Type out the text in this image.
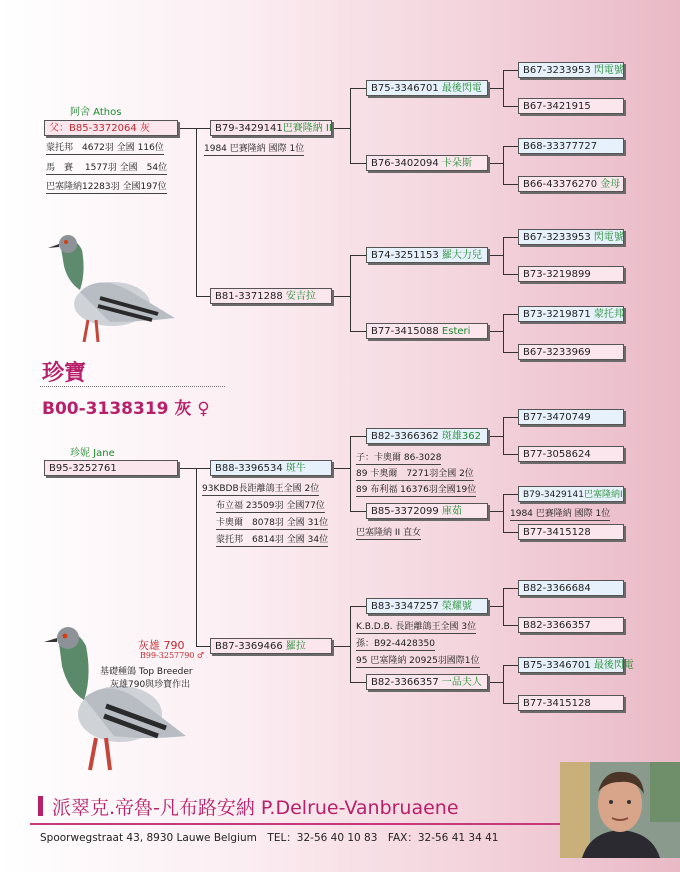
阿舍 Athos
父：B85-3372064 灰
蒙托邦　4672羽 全國 116位
馬　賽　 1577羽 全國　54位
巴塞隆納12283羽 全國197位
珍寶
B00-3138319 灰 ♀
珍妮 Jane
B95-3252761
灰雄 790
B99-3257790 ♂
基礎種鴿 Top Breeder
灰雄790與珍寶作出
B79-3429141巴賽隆納 II
1984 巴賽隆納 國際 1位
B81-3371288 安吉拉
B88-3396534 斑牛
93KBDB長距離鴿王全國 2位
布立福 23509羽 全國77位
卡奧爾　8078羽 全國 31位
蒙托邦　6814羽 全國 34位
B87-3369466 羅拉
B75-3346701 最後閃電
B76-3402094 卡朵斯
B74-3251153 羅大力兒
B77-3415088 Esteri
B82-3366362 斑雄362
子：卡奧爾 86-3028
89 卡奧爾　7271羽全國 2位
89 布利福 16376羽全國19位
B85-3372099 庫茹
巴塞隆納 II 直女
B83-3347257 榮耀號
K.B.D.B. 長距離鴿王全國 3位
孫：B92-4428350
95 巴塞隆納 20925羽國際1位
B82-3366357 一品夫人
B67-3233953 閃電號
B67-3421915
B68-33377727
B66-43376270 金母
B67-3233953 閃電號
B73-3219899
B73-3219871 蒙托邦
B67-3233969
B77-3470749
B77-3058624
B79-3429141巴塞隆納II
1984 巴賽隆納 國際 1位
B77-3415128
B82-3366684
B82-3366357
B75-3346701 最後閃電
B77-3415128
派翠克.帝魯-凡布路安納 P.Delrue-Vanbruaene
Spoorwegstraat 43, 8930 Lauwe Belgium　TEL：32-56 40 10 83　FAX：32-56 41 34 41
